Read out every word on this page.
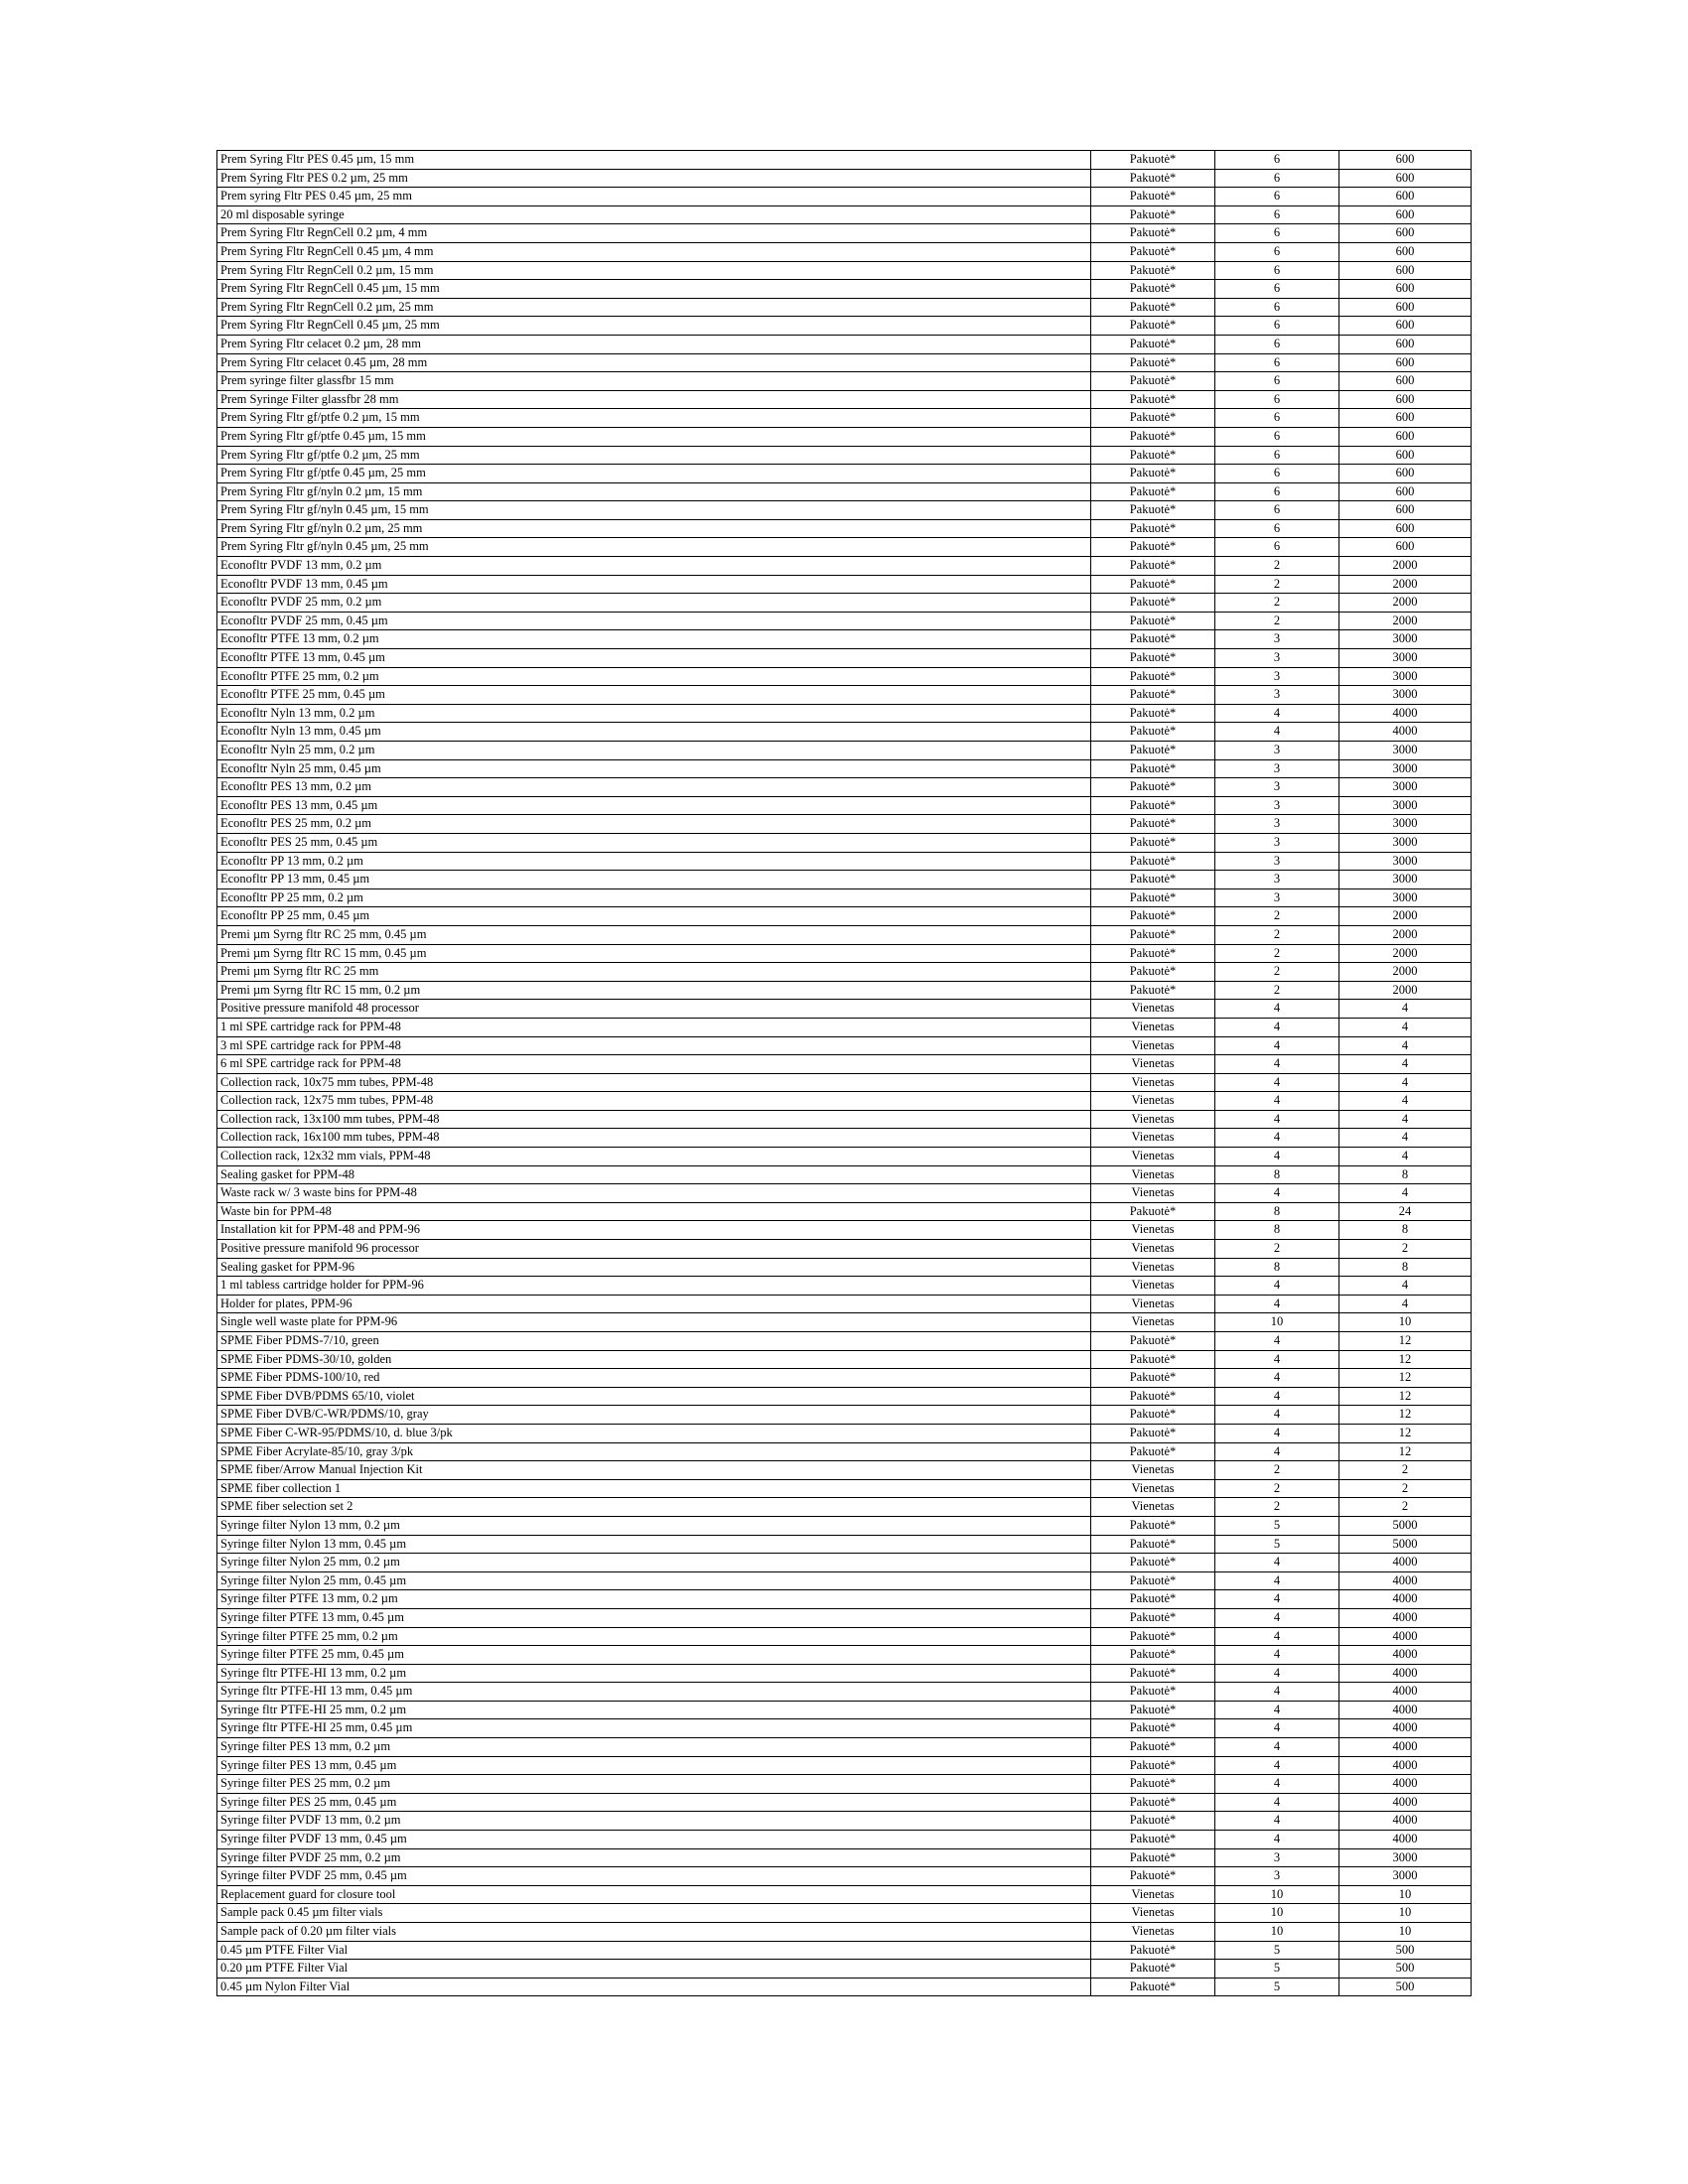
Prem Syring Fltr PES 0.45 µm, 15 mm	Pakuotė*	6	600
Prem Syring Fltr PES 0.2 µm, 25 mm	Pakuotė*	6	600
Prem syring Fltr PES 0.45 µm, 25 mm	Pakuotė*	6	600
20 ml disposable syringe	Pakuotė*	6	600
Prem Syring Fltr RegnCell 0.2 µm, 4 mm	Pakuotė*	6	600
Prem Syring Fltr RegnCell 0.45 µm, 4 mm	Pakuotė*	6	600
Prem Syring Fltr RegnCell 0.2 µm, 15 mm	Pakuotė*	6	600
Prem Syring Fltr RegnCell 0.45 µm, 15 mm	Pakuotė*	6	600
Prem Syring Fltr RegnCell 0.2 µm, 25 mm	Pakuotė*	6	600
Prem Syring Fltr RegnCell 0.45 µm, 25 mm	Pakuotė*	6	600
Prem Syring Fltr celacet 0.2 µm, 28 mm	Pakuotė*	6	600
Prem Syring Fltr celacet 0.45 µm, 28 mm	Pakuotė*	6	600
Prem syringe filter glassfbr 15 mm	Pakuotė*	6	600
Prem Syringe Filter glassfbr 28 mm	Pakuotė*	6	600
Prem Syring Fltr gf/ptfe 0.2 µm, 15 mm	Pakuotė*	6	600
Prem Syring Fltr gf/ptfe 0.45 µm, 15 mm	Pakuotė*	6	600
Prem Syring Fltr gf/ptfe 0.2 µm, 25 mm	Pakuotė*	6	600
Prem Syring Fltr gf/ptfe 0.45 µm, 25 mm	Pakuotė*	6	600
Prem Syring Fltr gf/nyln 0.2 µm, 15 mm	Pakuotė*	6	600
Prem Syring Fltr gf/nyln 0.45 µm, 15 mm	Pakuotė*	6	600
Prem Syring Fltr gf/nyln 0.2 µm, 25 mm	Pakuotė*	6	600
Prem Syring Fltr gf/nyln 0.45 µm, 25 mm	Pakuotė*	6	600
Econofltr PVDF 13 mm, 0.2 µm	Pakuotė*	2	2000
Econofltr PVDF 13 mm, 0.45 µm	Pakuotė*	2	2000
Econofltr PVDF 25 mm, 0.2 µm	Pakuotė*	2	2000
Econofltr PVDF 25 mm, 0.45 µm	Pakuotė*	2	2000
Econofltr PTFE 13 mm, 0.2 µm	Pakuotė*	3	3000
Econofltr PTFE 13 mm, 0.45 µm	Pakuotė*	3	3000
Econofltr PTFE 25 mm, 0.2 µm	Pakuotė*	3	3000
Econofltr PTFE 25 mm, 0.45 µm	Pakuotė*	3	3000
Econofltr Nyln 13 mm, 0.2 µm	Pakuotė*	4	4000
Econofltr Nyln 13 mm, 0.45 µm	Pakuotė*	4	4000
Econofltr Nyln 25 mm, 0.2 µm	Pakuotė*	3	3000
Econofltr Nyln 25 mm, 0.45 µm	Pakuotė*	3	3000
Econofltr PES 13 mm, 0.2 µm	Pakuotė*	3	3000
Econofltr PES 13 mm, 0.45 µm	Pakuotė*	3	3000
Econofltr PES 25 mm, 0.2 µm	Pakuotė*	3	3000
Econofltr PES 25 mm, 0.45 µm	Pakuotė*	3	3000
Econofltr PP 13 mm, 0.2 µm	Pakuotė*	3	3000
Econofltr PP 13 mm, 0.45 µm	Pakuotė*	3	3000
Econofltr PP 25 mm, 0.2 µm	Pakuotė*	3	3000
Econofltr PP 25 mm, 0.45 µm	Pakuotė*	2	2000
Premi µm Syrng fltr RC 25 mm, 0.45 µm	Pakuotė*	2	2000
Premi µm Syrng fltr RC 15 mm, 0.45 µm	Pakuotė*	2	2000
Premi µm Syrng fltr RC 25 mm	Pakuotė*	2	2000
Premi µm Syrng fltr RC 15 mm, 0.2 µm	Pakuotė*	2	2000
Positive pressure manifold 48 processor	Vienetas	4	4
1 ml SPE cartridge rack for PPM-48	Vienetas	4	4
3 ml SPE cartridge rack for PPM-48	Vienetas	4	4
6 ml SPE cartridge rack for PPM-48	Vienetas	4	4
Collection rack, 10x75 mm tubes, PPM-48	Vienetas	4	4
Collection rack, 12x75 mm tubes, PPM-48	Vienetas	4	4
Collection rack, 13x100 mm tubes, PPM-48	Vienetas	4	4
Collection rack, 16x100 mm tubes, PPM-48	Vienetas	4	4
Collection rack, 12x32 mm vials, PPM-48	Vienetas	4	4
Sealing gasket for PPM-48	Vienetas	8	8
Waste rack w/ 3 waste bins for PPM-48	Vienetas	4	4
Waste bin for PPM-48	Pakuotė*	8	24
Installation kit for PPM-48 and PPM-96	Vienetas	8	8
Positive pressure manifold 96 processor	Vienetas	2	2
Sealing gasket for PPM-96	Vienetas	8	8
1 ml tabless cartridge holder for PPM-96	Vienetas	4	4
Holder for plates, PPM-96	Vienetas	4	4
Single well waste plate for PPM-96	Vienetas	10	10
SPME Fiber PDMS-7/10, green	Pakuotė*	4	12
SPME Fiber PDMS-30/10, golden	Pakuotė*	4	12
SPME Fiber PDMS-100/10, red	Pakuotė*	4	12
SPME Fiber DVB/PDMS 65/10, violet	Pakuotė*	4	12
SPME Fiber DVB/C-WR/PDMS/10, gray	Pakuotė*	4	12
SPME Fiber C-WR-95/PDMS/10, d. blue 3/pk	Pakuotė*	4	12
SPME Fiber Acrylate-85/10, gray 3/pk	Pakuotė*	4	12
SPME fiber/Arrow Manual Injection Kit	Vienetas	2	2
SPME fiber collection 1	Vienetas	2	2
SPME fiber selection set 2	Vienetas	2	2
Syringe filter Nylon 13 mm, 0.2 µm	Pakuotė*	5	5000
Syringe filter Nylon 13 mm, 0.45 µm	Pakuotė*	5	5000
Syringe filter Nylon 25 mm, 0.2 µm	Pakuotė*	4	4000
Syringe filter Nylon 25 mm, 0.45 µm	Pakuotė*	4	4000
Syringe filter PTFE 13 mm, 0.2 µm	Pakuotė*	4	4000
Syringe filter PTFE 13 mm, 0.45 µm	Pakuotė*	4	4000
Syringe filter PTFE 25 mm, 0.2 µm	Pakuotė*	4	4000
Syringe filter PTFE 25 mm, 0.45 µm	Pakuotė*	4	4000
Syringe fltr PTFE-HI 13 mm, 0.2 µm	Pakuotė*	4	4000
Syringe fltr PTFE-HI 13 mm, 0.45 µm	Pakuotė*	4	4000
Syringe fltr PTFE-HI 25 mm, 0.2 µm	Pakuotė*	4	4000
Syringe fltr PTFE-HI 25 mm, 0.45 µm	Pakuotė*	4	4000
Syringe filter PES 13 mm, 0.2 µm	Pakuotė*	4	4000
Syringe filter PES 13 mm, 0.45 µm	Pakuotė*	4	4000
Syringe filter PES 25 mm, 0.2 µm	Pakuotė*	4	4000
Syringe filter PES 25 mm, 0.45 µm	Pakuotė*	4	4000
Syringe filter PVDF 13 mm, 0.2 µm	Pakuotė*	4	4000
Syringe filter PVDF 13 mm, 0.45 µm	Pakuotė*	4	4000
Syringe filter PVDF 25 mm, 0.2 µm	Pakuotė*	3	3000
Syringe filter PVDF 25 mm, 0.45 µm	Pakuotė*	3	3000
Replacement guard for closure tool	Vienetas	10	10
Sample pack 0.45 µm filter vials	Vienetas	10	10
Sample pack of 0.20 µm filter vials	Vienetas	10	10
0.45 µm PTFE Filter Vial	Pakuotė*	5	500
0.20 µm PTFE Filter Vial	Pakuotė*	5	500
0.45 µm Nylon Filter Vial	Pakuotė*	5	500
